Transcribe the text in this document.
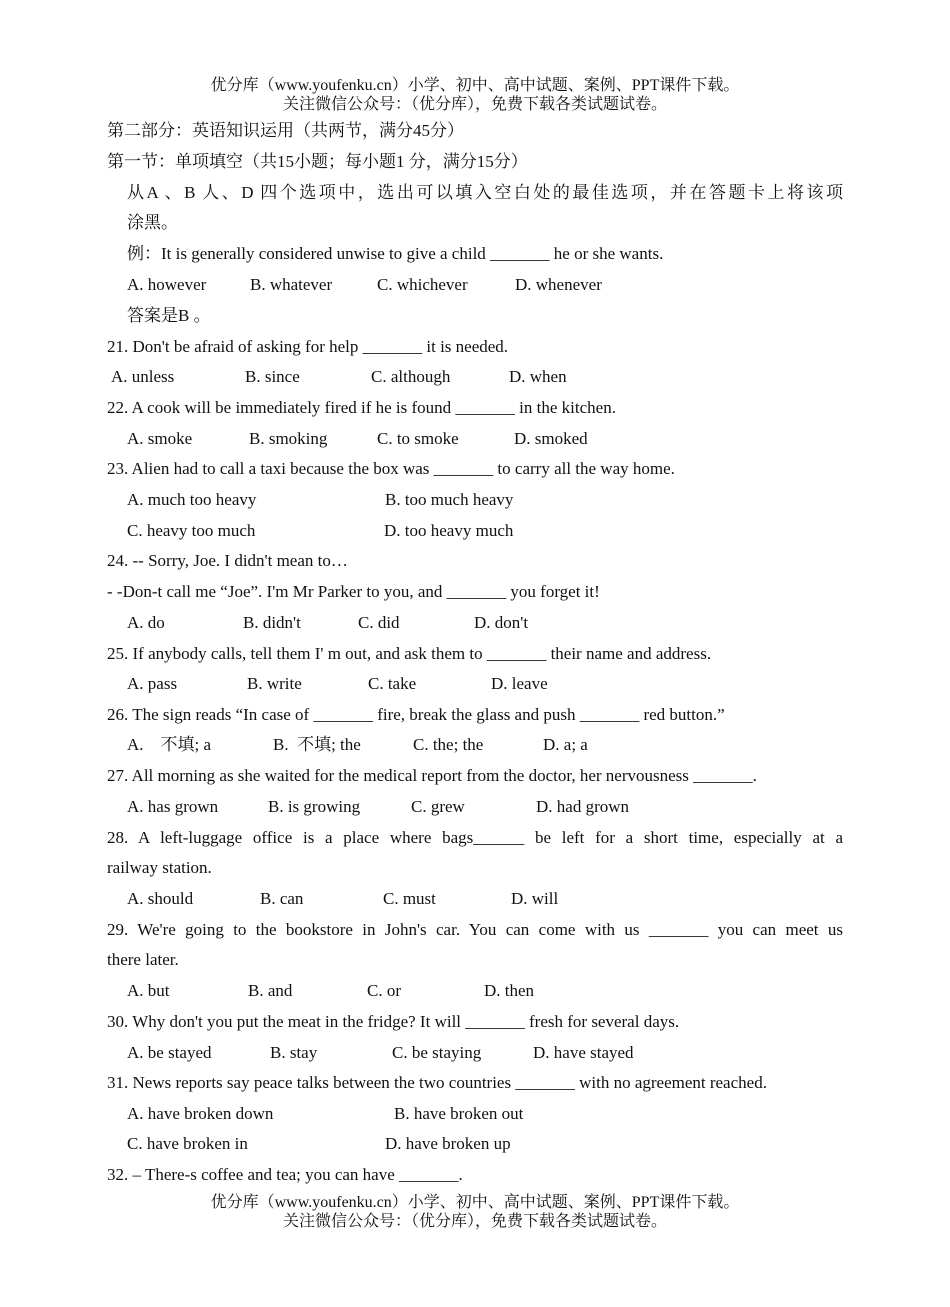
优分库（www.youfenku.cn）小学、初中、高中试题、案例、PPT课件下载。
关注微信公众号：（优分库），免费下载各类试题试卷。
第二部分：英语知识运用（共两节，满分45分）
第一节：单项填空（共15小题；每小题1 分，满分15分）
从A 、B 人、D 四个选项中，选出可以填入空白处的最佳选项，并在答题卡上将该项
涂黑。
例：It is generally considered unwise to give a child _______ he or she wants.
A. however	B. whatever	C. whichever	D. whenever
答案是B 。
21. Don't be afraid of asking for help _______ it is needed.
A. unless	B. since	C. although	D. when
22. A cook will be immediately fired if he is found _______ in the kitchen.
A. smoke	B. smoking	C. to smoke	D. smoked
23. Alien had to call a taxi because the box was _______ to carry all the way home.
A. much too heavy	B. too much heavy
C. heavy too much	D. too heavy much
24. -- Sorry, Joe. I didn't mean to…
- -Don-t call me “Joe”. I'm Mr Parker to you, and _______ you forget it!
A. do	B. didn't	C. did	D. don't
25. If anybody calls, tell them I' m out, and ask them to _______ their name and address.
A. pass	B. write	C. take	D. leave
26. The sign reads “In case of _______ fire, break the glass and push _______ red button.”
A.    不填; a	B.  不填; the	C. the; the	D. a; a
27. All morning as she waited for the medical report from the doctor, her nervousness _______.
A. has grown	B. is growing	C. grew	D. had grown
28. A left-luggage office is a place where bags______ be left for a short time, especially at a
railway station.
A. should	B. can	C. must	D. will
29. We're going to the bookstore in John's car. You can come with us _______ you can meet us
there later.
A. but	B. and	C. or	D. then
30. Why don't you put the meat in the fridge? It will _______ fresh for several days.
A. be stayed	B. stay	C. be staying	D. have stayed
31. News reports say peace talks between the two countries _______ with no agreement reached.
A. have broken down	B. have broken out
C. have broken in	D. have broken up
32. – There-s coffee and tea; you can have _______.
优分库（www.youfenku.cn）小学、初中、高中试题、案例、PPT课件下载。
关注微信公众号：（优分库），免费下载各类试题试卷。
